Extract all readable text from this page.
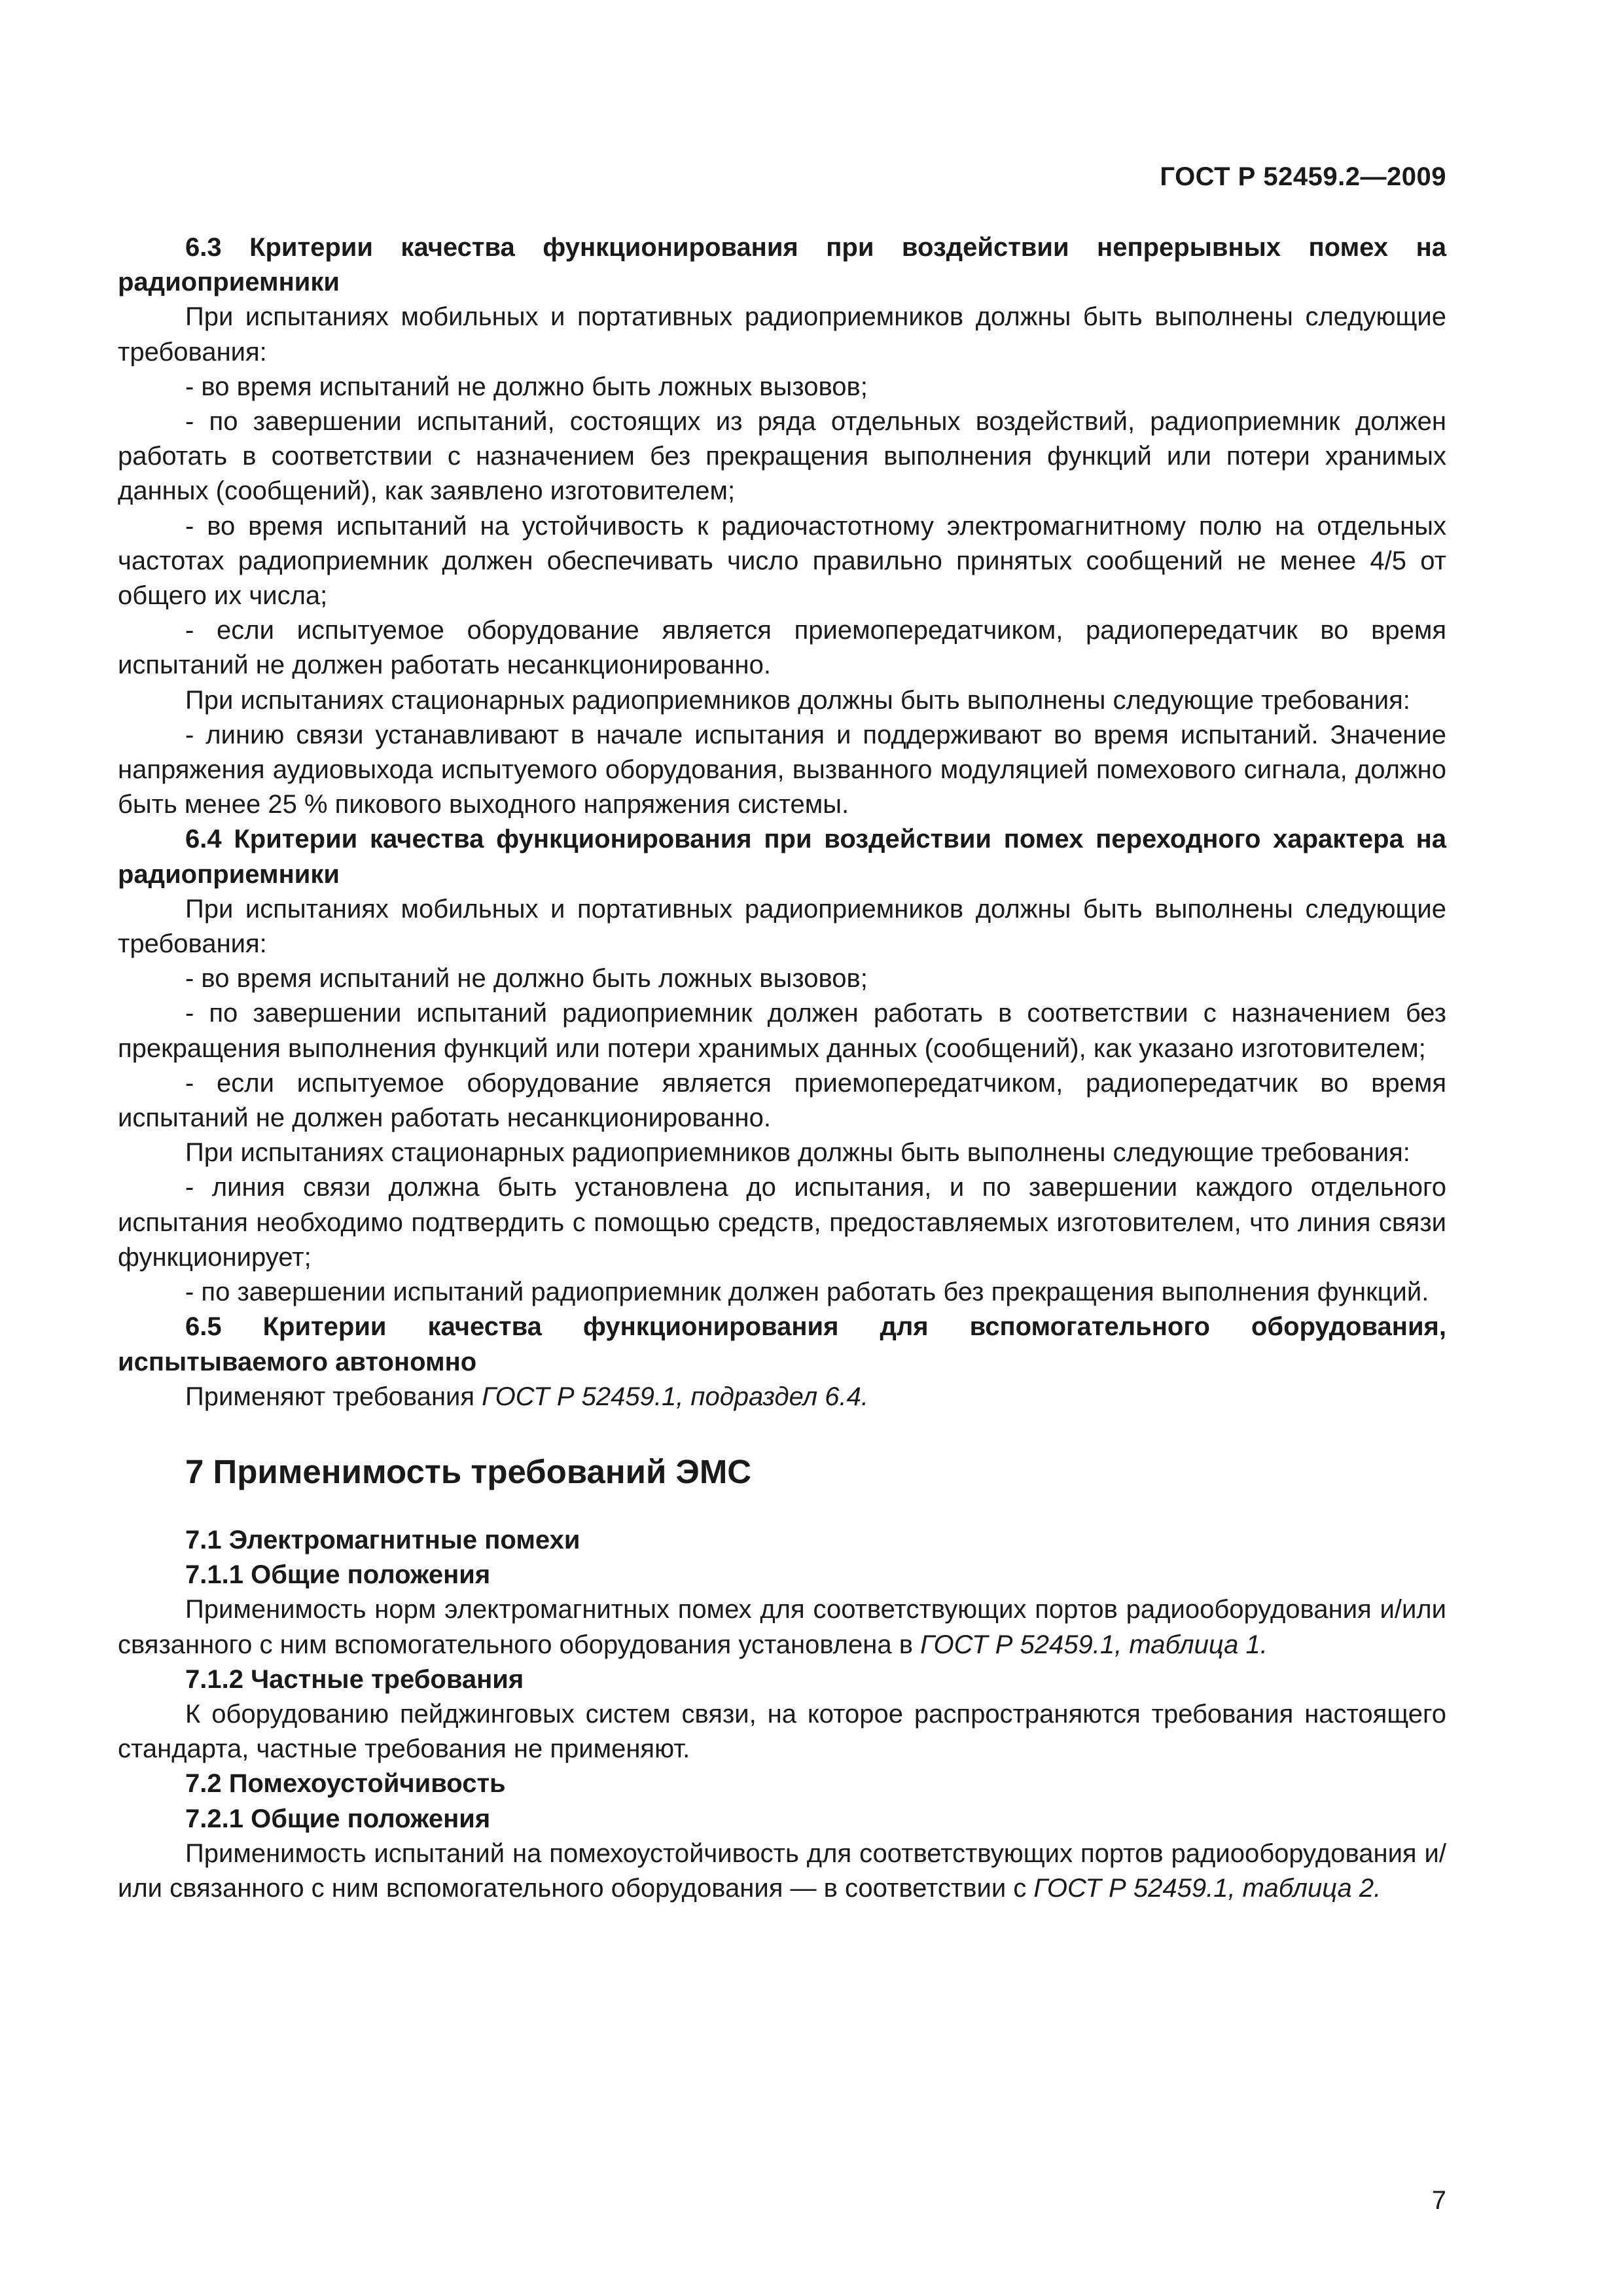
ГОСТ Р 52459.2—2009

6.3 Критерии качества функционирования при воздействии непрерывных помех на радиоприемники

При испытаниях мобильных и портативных радиоприемников должны быть выполнены следующие требования:

- во время испытаний не должно быть ложных вызовов;

- по завершении испытаний, состоящих из ряда отдельных воздействий, радиоприемник должен работать в соответствии с назначением без прекращения выполнения функций или потери хранимых данных (сообщений), как заявлено изготовителем;

- во время испытаний на устойчивость к радиочастотному электромагнитному полю на отдельных частотах радиоприемник должен обеспечивать число правильно принятых сообщений не менее 4/5 от общего их числа;

- если испытуемое оборудование является приемопередатчиком, радиопередатчик во время испытаний не должен работать несанкционированно.

При испытаниях стационарных радиоприемников должны быть выполнены следующие требования:

- линию связи устанавливают в начале испытания и поддерживают во время испытаний. Значение напряжения аудиовыхода испытуемого оборудования, вызванного модуляцией помехового сигнала, должно быть менее 25 % пикового выходного напряжения системы.

6.4 Критерии качества функционирования при воздействии помех переходного характера на радиоприемники

При испытаниях мобильных и портативных радиоприемников должны быть выполнены следующие требования:

- во время испытаний не должно быть ложных вызовов;

- по завершении испытаний радиоприемник должен работать в соответствии с назначением без прекращения выполнения функций или потери хранимых данных (сообщений), как указано изготовителем;

- если испытуемое оборудование является приемопередатчиком, радиопередатчик во время испытаний не должен работать несанкционированно.

При испытаниях стационарных радиоприемников должны быть выполнены следующие требования:

- линия связи должна быть установлена до испытания, и по завершении каждого отдельного испытания необходимо подтвердить с помощью средств, предоставляемых изготовителем, что линия связи функционирует;

- по завершении испытаний радиоприемник должен работать без прекращения выполнения функций.

6.5 Критерии качества функционирования для вспомогательного оборудования, испытываемого автономно

Применяют требования ГОСТ Р 52459.1, подраздел 6.4.

7 Применимость требований ЭМС

7.1 Электромагнитные помехи

7.1.1 Общие положения

Применимость норм электромагнитных помех для соответствующих портов радиооборудования и/или связанного с ним вспомогательного оборудования установлена в ГОСТ Р 52459.1, таблица 1.

7.1.2 Частные требования

К оборудованию пейджинговых систем связи, на которое распространяются требования настоящего стандарта, частные требования не применяют.

7.2 Помехоустойчивость

7.2.1 Общие положения

Применимость испытаний на помехоустойчивость для соответствующих портов радиооборудования и/или связанного с ним вспомогательного оборудования — в соответствии с ГОСТ Р 52459.1, таблица 2.

7
